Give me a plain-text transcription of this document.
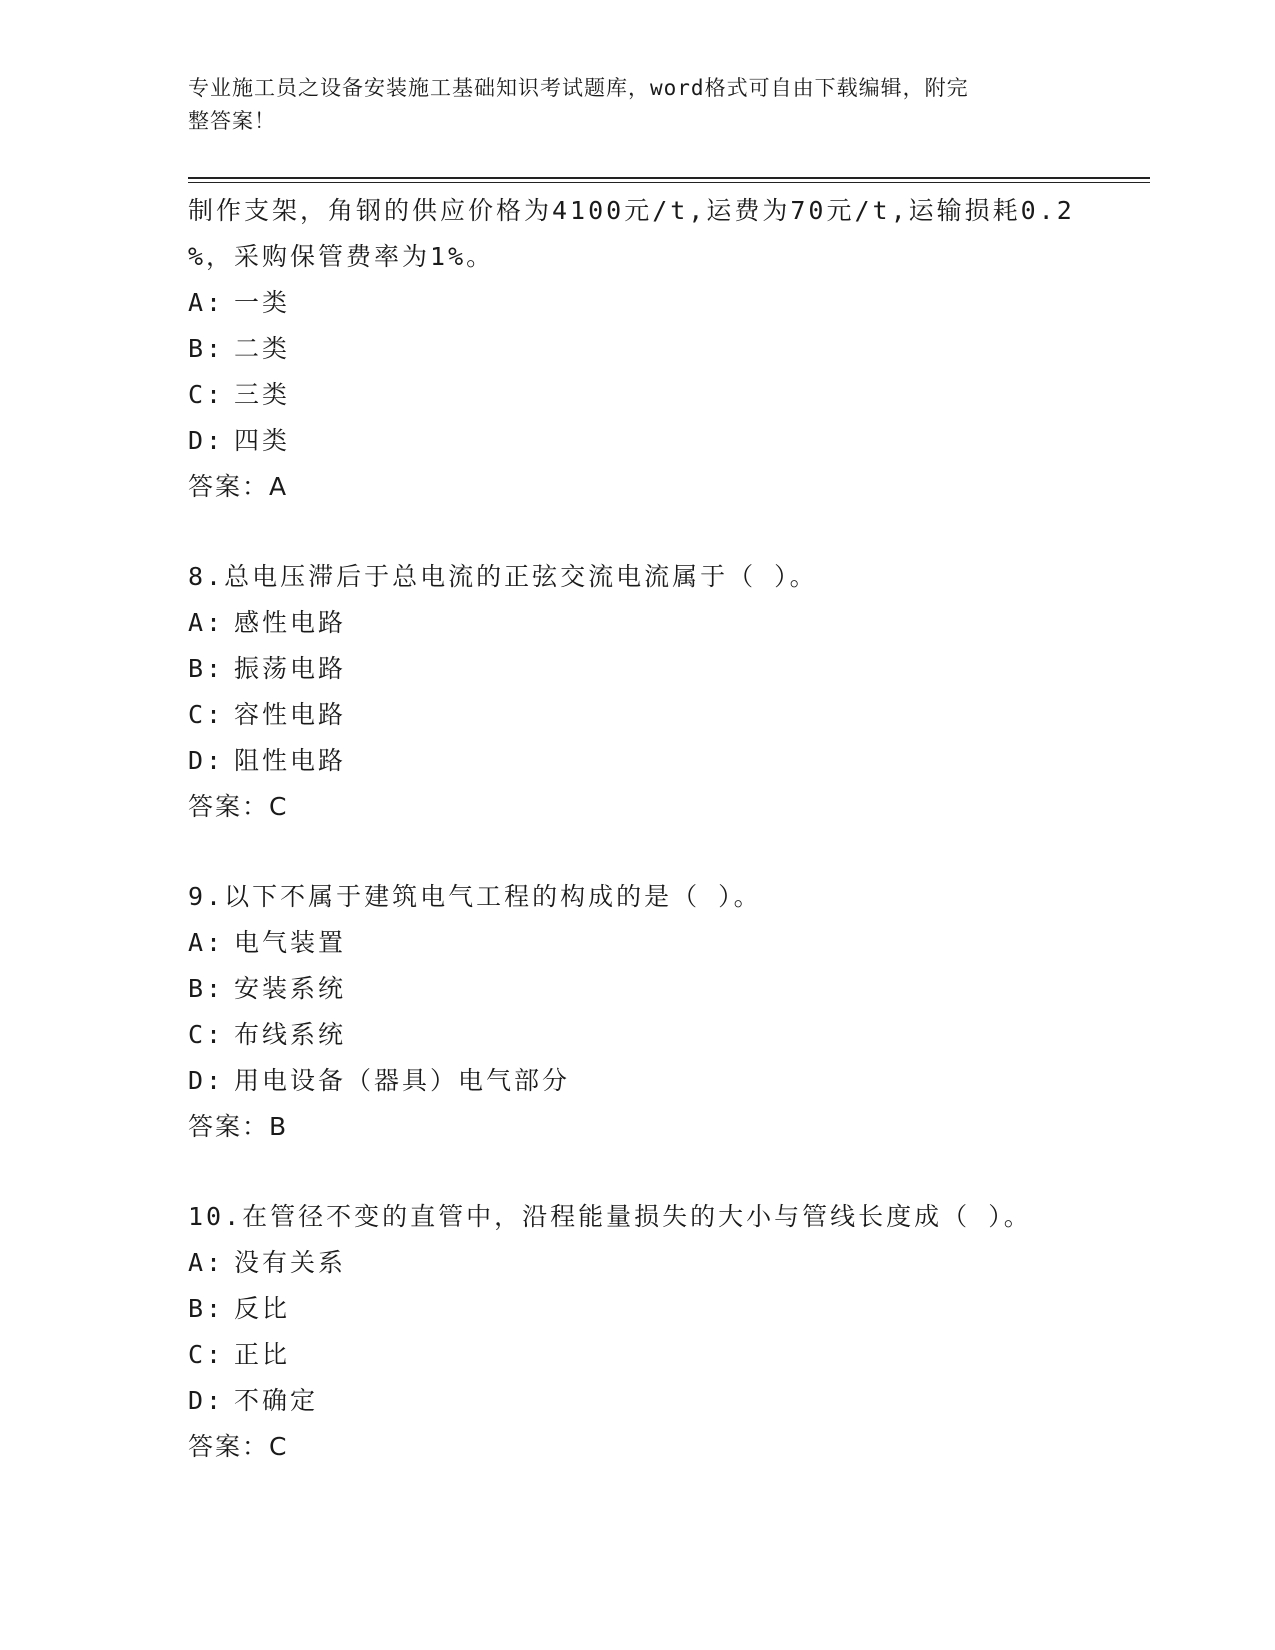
专业施工员之设备安装施工基础知识考试题库，word格式可自由下载编辑，附完
整答案！
制作支架，角钢的供应价格为4100元/t,运费为70元/t,运输损耗0.2
%，采购保管费率为1%。
A: 一类
B: 二类
C: 三类
D: 四类
答案：A
8.总电压滞后于总电流的正弦交流电流属于（ ）。
A: 感性电路
B: 振荡电路
C: 容性电路
D: 阻性电路
答案：C
9.以下不属于建筑电气工程的构成的是（ ）。
A: 电气装置
B: 安装系统
C: 布线系统
D: 用电设备（器具）电气部分
答案：B
10.在管径不变的直管中，沿程能量损失的大小与管线长度成（ ）。
A: 没有关系
B: 反比
C: 正比
D: 不确定
答案：C
